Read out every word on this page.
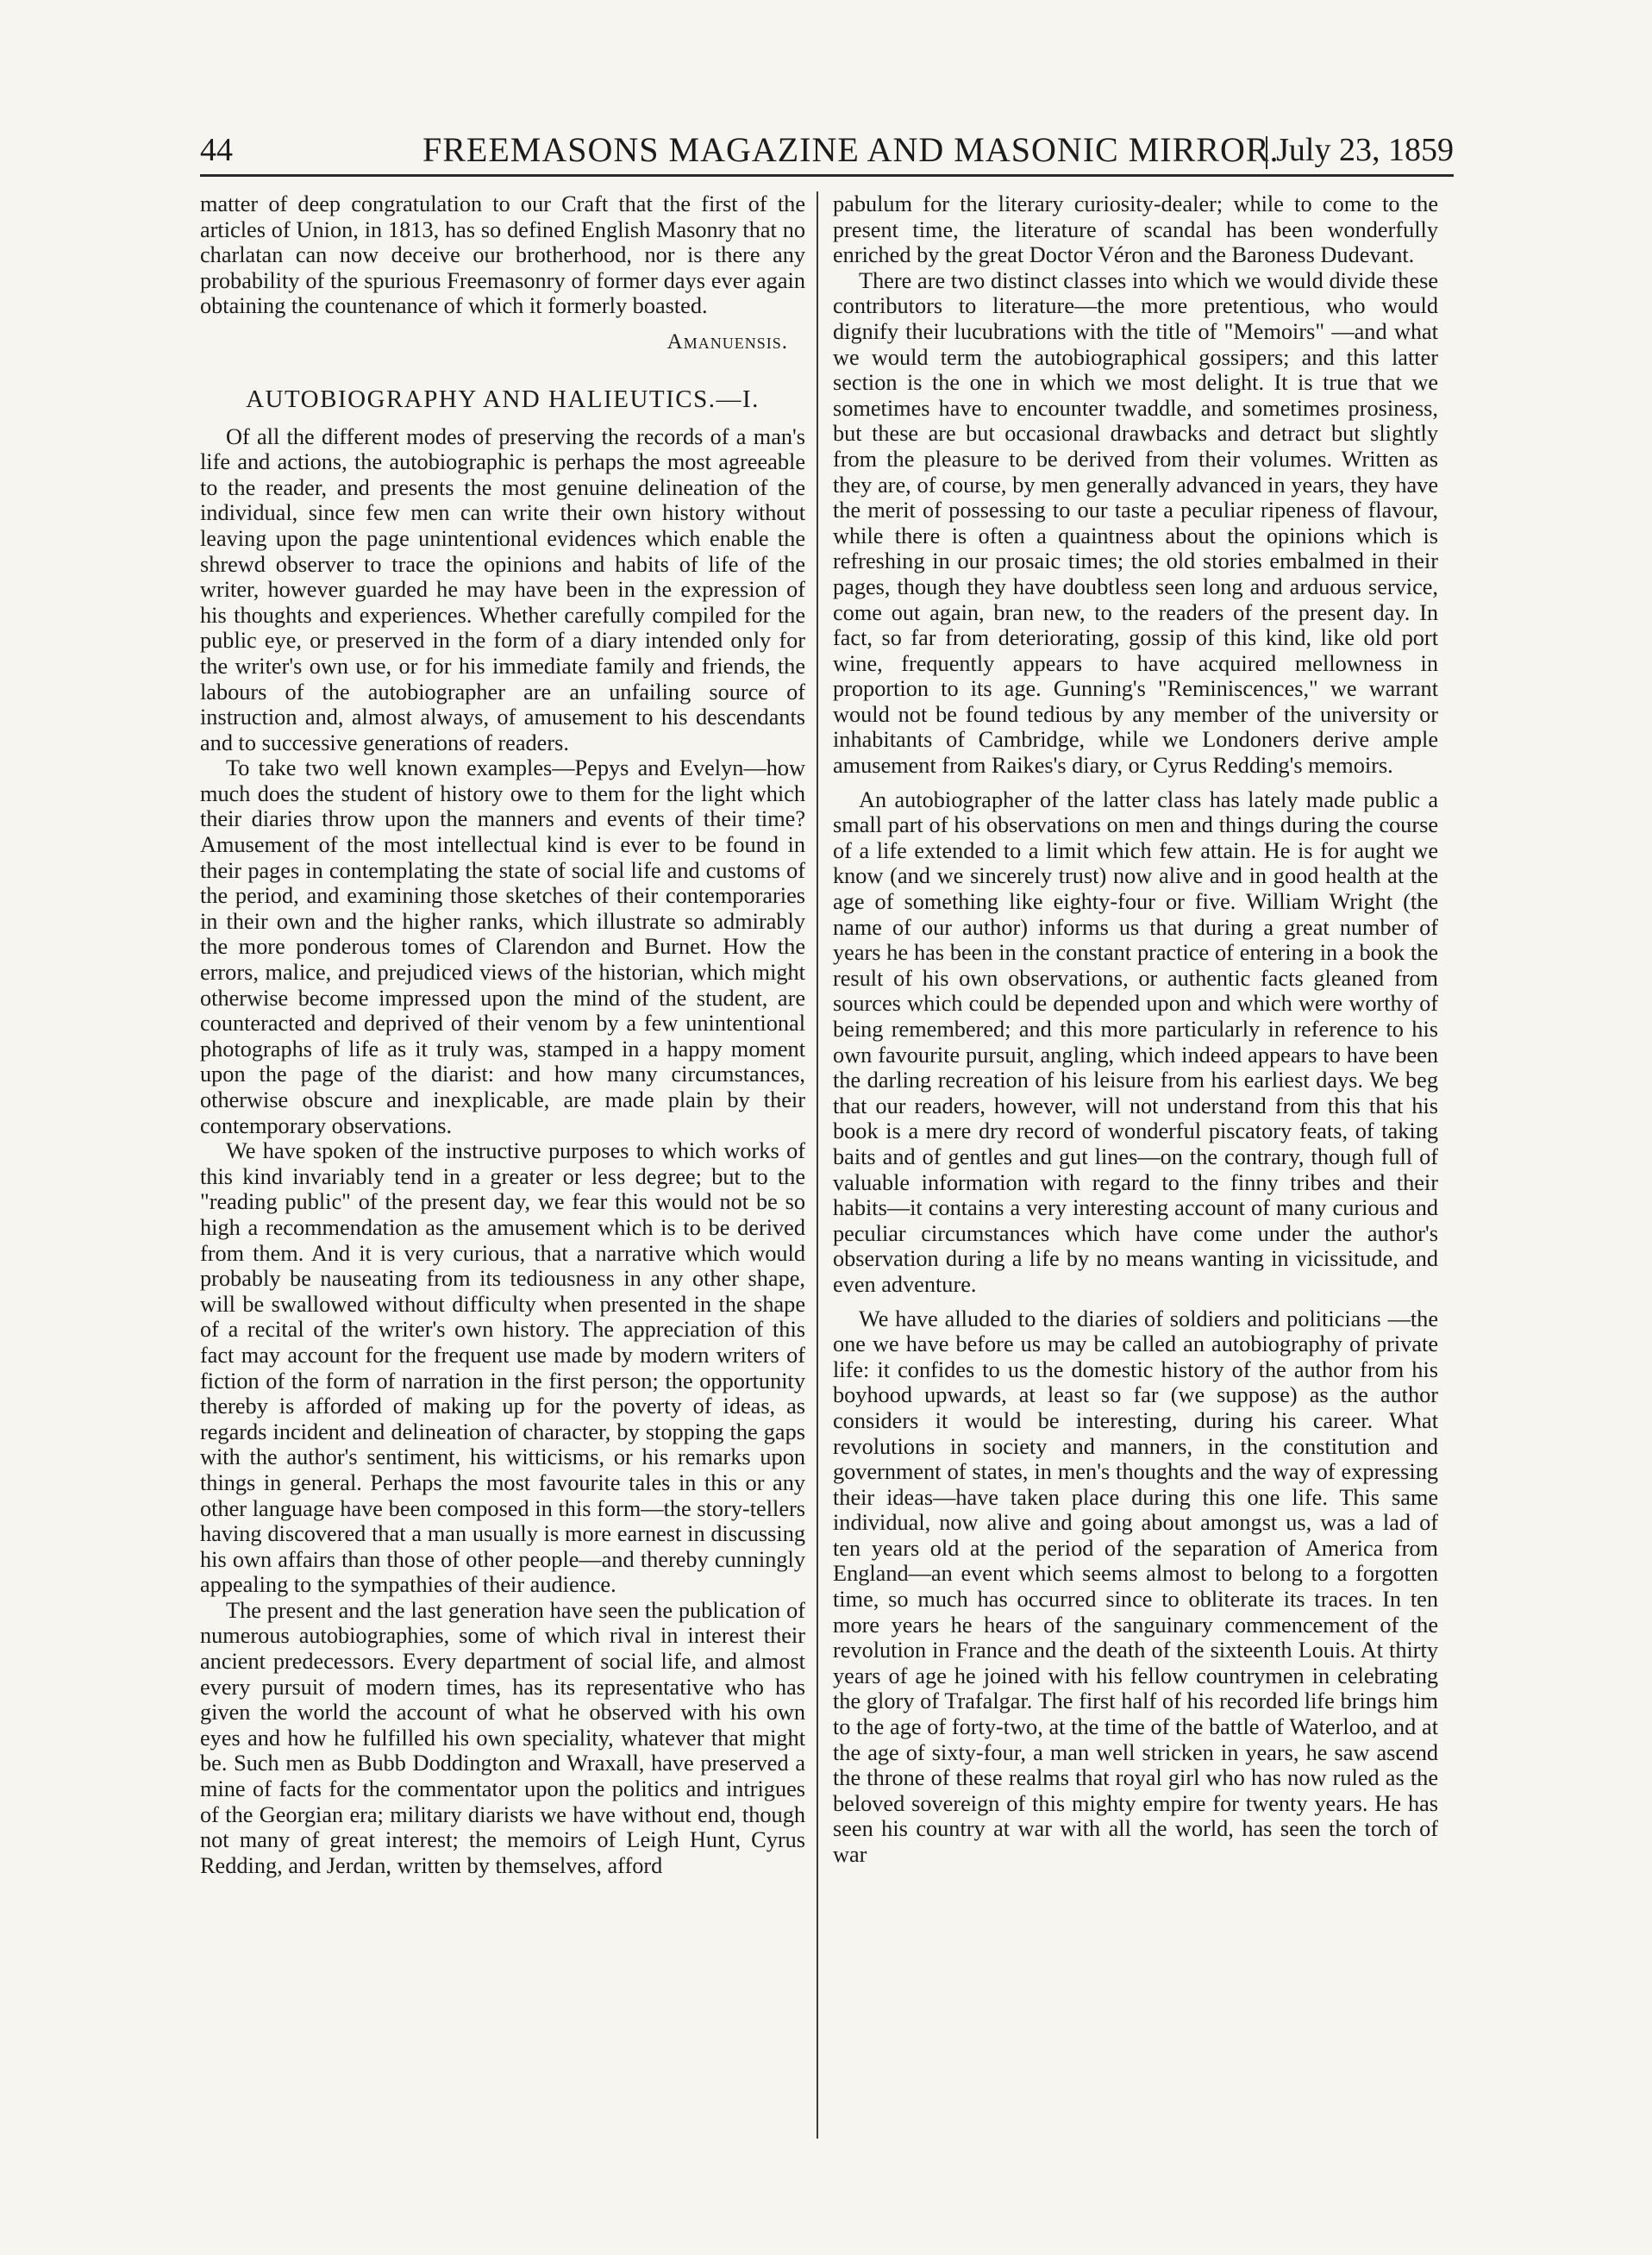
44	FREEMASONS MAGAZINE AND MASONIC MIRROR.
July 23, 1859

matter of deep congratulation to our Craft that the first of the articles of Union, in 1813, has so defined English Masonry that no charlatan can now deceive our brotherhood, nor is there any probability of the spurious Freemasonry of former days ever again obtaining the countenance of which it formerly boasted.

Amanuensis.
AUTOBIOGRAPHY AND HALIEUTICS.—I.

Of all the different modes of preserving the records of a man's life and actions, the autobiographic is perhaps the most agreeable to the reader, and presents the most genuine delineation of the individual, since few men can write their own history without leaving upon the page unintentional evidences which enable the shrewd observer to trace the opinions and habits of life of the writer, however guarded he may have been in the expression of his thoughts and experiences. Whether carefully compiled for the public eye, or preserved in the form of a diary intended only for the writer's own use, or for his immediate family and friends, the labours of the autobiographer are an unfailing source of instruction and, almost always, of amusement to his descendants and to successive generations of readers.

To take two well known examples—Pepys and Evelyn—how much does the student of history owe to them for the light which their diaries throw upon the manners and events of their time? Amusement of the most intellectual kind is ever to be found in their pages in contemplating the state of social life and customs of the period, and examining those sketches of their contemporaries in their own and the higher ranks, which illustrate so admirably the more ponderous tomes of Clarendon and Burnet. How the errors, malice, and prejudiced views of the historian, which might otherwise become impressed upon the mind of the student, are counteracted and deprived of their venom by a few unintentional photographs of life as it truly was, stamped in a happy moment upon the page of the diarist: and how many circumstances, otherwise obscure and inexplicable, are made plain by their contemporary observations.

We have spoken of the instructive purposes to which works of this kind invariably tend in a greater or less degree; but to the "reading public" of the present day, we fear this would not be so high a recommendation as the amusement which is to be derived from them. And it is very curious, that a narrative which would probably be nauseating from its tediousness in any other shape, will be swallowed without difficulty when presented in the shape of a recital of the writer's own history. The appreciation of this fact may account for the frequent use made by modern writers of fiction of the form of narration in the first person; the opportunity thereby is afforded of making up for the poverty of ideas, as regards incident and delineation of character, by stopping the gaps with the author's sentiment, his witticisms, or his remarks upon things in general. Perhaps the most favourite tales in this or any other language have been composed in this form—the story-tellers having discovered that a man usually is more earnest in discussing his own affairs than those of other people—and thereby cunningly appealing to the sympathies of their audience.

The present and the last generation have seen the publication of numerous autobiographies, some of which rival in interest their ancient predecessors. Every department of social life, and almost every pursuit of modern times, has its representative who has given the world the account of what he observed with his own eyes and how he fulfilled his own speciality, whatever that might be. Such men as Bubb Doddington and Wraxall, have preserved a mine of facts for the commentator upon the politics and intrigues of the Georgian era; military diarists we have without end, though not many of great interest; the memoirs of Leigh Hunt, Cyrus Redding, and Jerdan, written by themselves, afford

pabulum for the literary curiosity-dealer; while to come to the present time, the literature of scandal has been wonderfully enriched by the great Doctor Véron and the Baroness Dudevant.

There are two distinct classes into which we would divide these contributors to literature—the more pretentious, who would dignify their lucubrations with the title of "Memoirs" —and what we would term the autobiographical gossipers; and this latter section is the one in which we most delight. It is true that we sometimes have to encounter twaddle, and sometimes prosiness, but these are but occasional drawbacks and detract but slightly from the pleasure to be derived from their volumes. Written as they are, of course, by men generally advanced in years, they have the merit of possessing to our taste a peculiar ripeness of flavour, while there is often a quaintness about the opinions which is refreshing in our prosaic times; the old stories embalmed in their pages, though they have doubtless seen long and arduous service, come out again, bran new, to the readers of the present day. In fact, so far from deteriorating, gossip of this kind, like old port wine, frequently appears to have acquired mellowness in proportion to its age. Gunning's "Reminiscences," we warrant would not be found tedious by any member of the university or inhabitants of Cambridge, while we Londoners derive ample amusement from Raikes's diary, or Cyrus Redding's memoirs.

An autobiographer of the latter class has lately made public a small part of his observations on men and things during the course of a life extended to a limit which few attain. He is for aught we know (and we sincerely trust) now alive and in good health at the age of something like eighty-four or five. William Wright (the name of our author) informs us that during a great number of years he has been in the constant practice of entering in a book the result of his own observations, or authentic facts gleaned from sources which could be depended upon and which were worthy of being remembered; and this more particularly in reference to his own favourite pursuit, angling, which indeed appears to have been the darling recreation of his leisure from his earliest days. We beg that our readers, however, will not understand from this that his book is a mere dry record of wonderful piscatory feats, of taking baits and of gentles and gut lines—on the contrary, though full of valuable information with regard to the finny tribes and their habits—it contains a very interesting account of many curious and peculiar circumstances which have come under the author's observation during a life by no means wanting in vicissitude, and even adventure.

We have alluded to the diaries of soldiers and politicians —the one we have before us may be called an autobiography of private life: it confides to us the domestic history of the author from his boyhood upwards, at least so far (we suppose) as the author considers it would be interesting, during his career. What revolutions in society and manners, in the constitution and government of states, in men's thoughts and the way of expressing their ideas—have taken place during this one life. This same individual, now alive and going about amongst us, was a lad of ten years old at the period of the separation of America from England—an event which seems almost to belong to a forgotten time, so much has occurred since to obliterate its traces. In ten more years he hears of the sanguinary commencement of the revolution in France and the death of the sixteenth Louis. At thirty years of age he joined with his fellow countrymen in celebrating the glory of Trafalgar. The first half of his recorded life brings him to the age of forty-two, at the time of the battle of Waterloo, and at the age of sixty-four, a man well stricken in years, he saw ascend the throne of these realms that royal girl who has now ruled as the beloved sovereign of this mighty empire for twenty years. He has seen his country at war with all the world, has seen the torch of war
